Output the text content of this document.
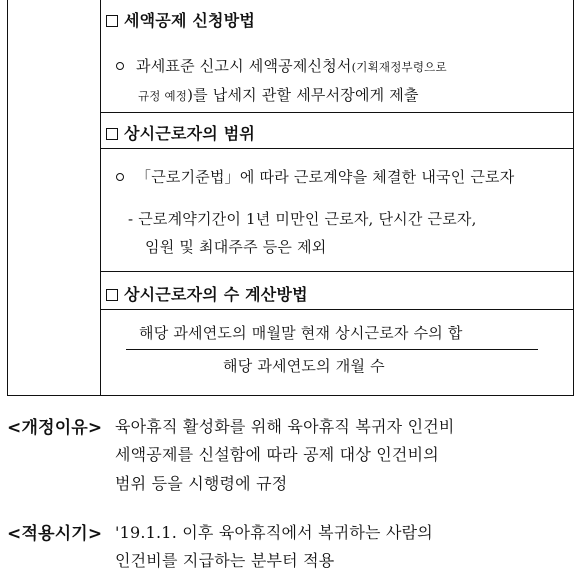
세액공제 신청방법
과세표준 신고시 세액공제신청서(기획재정부령으로
규정 예정)를 납세지 관할 세무서장에게 제출
상시근로자의 범위
「근로기준법」에 따라 근로계약을 체결한 내국인 근로자
- 근로계약기간이 1년 미만인 근로자, 단시간 근로자,
임원 및 최대주주 등은 제외
상시근로자의 수 계산방법
해당 과세연도의 매월말 현재 상시근로자 수의 합
해당 과세연도의 개월 수
<개정이유> 육아휴직 활성화를 위해 육아휴직 복귀자 인건비
세액공제를 신설함에 따라 공제 대상 인건비의
범위 등을 시행령에 규정
<적용시기> '19.1.1. 이후 육아휴직에서 복귀하는 사람의
인건비를 지급하는 분부터 적용
